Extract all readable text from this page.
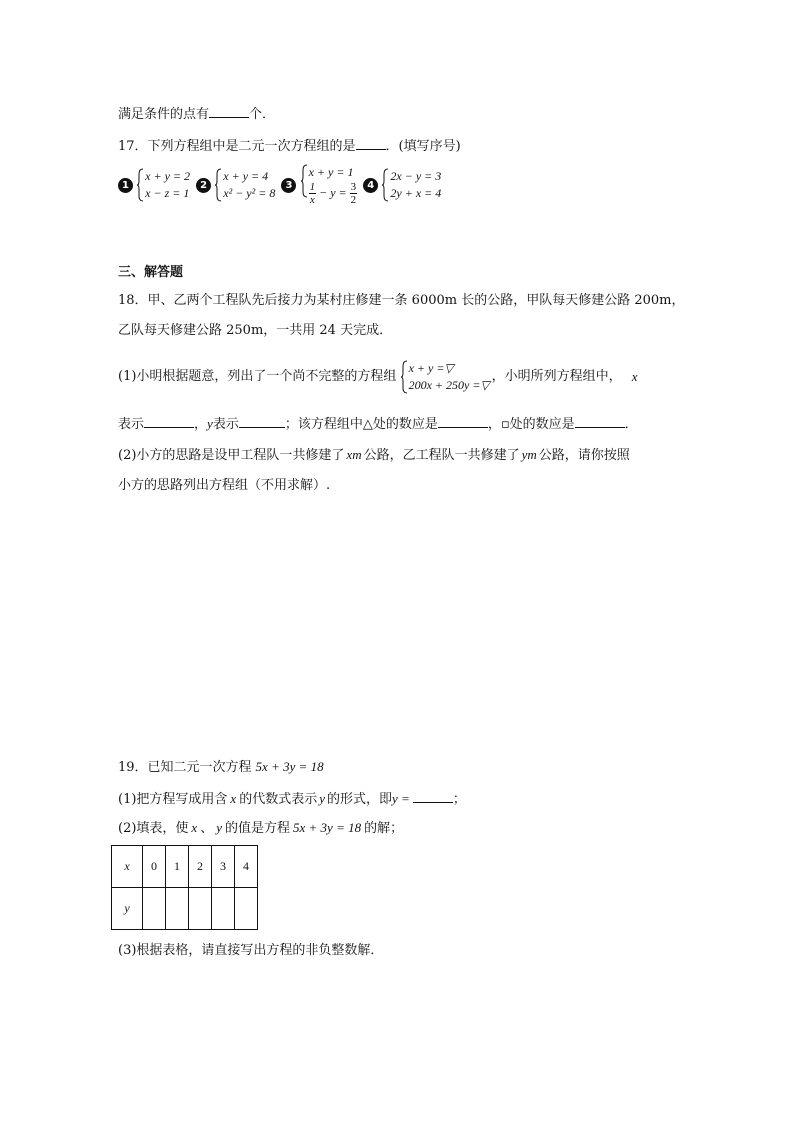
满足条件的点有	个．
17．下列方程组中是二元一次方程组的是 ．(填写序号)
1
x + y = 2
x − z = 1
2
x + y = 4
x² − y² = 8
3
x + y = 1
$\frac{1}{x} - y = \frac{3}{2} 4$
2x − y = 3
2y + x = 4
三、解答题
18．甲、乙两个工程队先后接力为某村庄修建一条 6000m 长的公路，甲队每天修建公路 200m，
乙队每天修建公路 250m，一共用 24 天完成．
(1)小明根据题意，列出了一个尚不完整的方程组
x + y =▽
200x + 250y =▽
，小明所列方程组中， x
表示	，y表示	；该方程组中△处的数应是	，▫处的数应是	．
(2)小方的思路是设甲工程队一共修建了 xm 公路，乙工程队一共修建了 ym 公路，请你按照
小方的思路列出方程组（不用求解）.
19．已知二元一次方程 5x + 3y = 18
(1)把方程写成用含 x 的代数式表示 y 的形式，即y =	；
(2)填表，使 x 、 y 的值是方程 5x + 3y = 18 的解；
x	0	1	2	3	4
y					
(3)根据表格，请直接写出方程的非负整数解．
